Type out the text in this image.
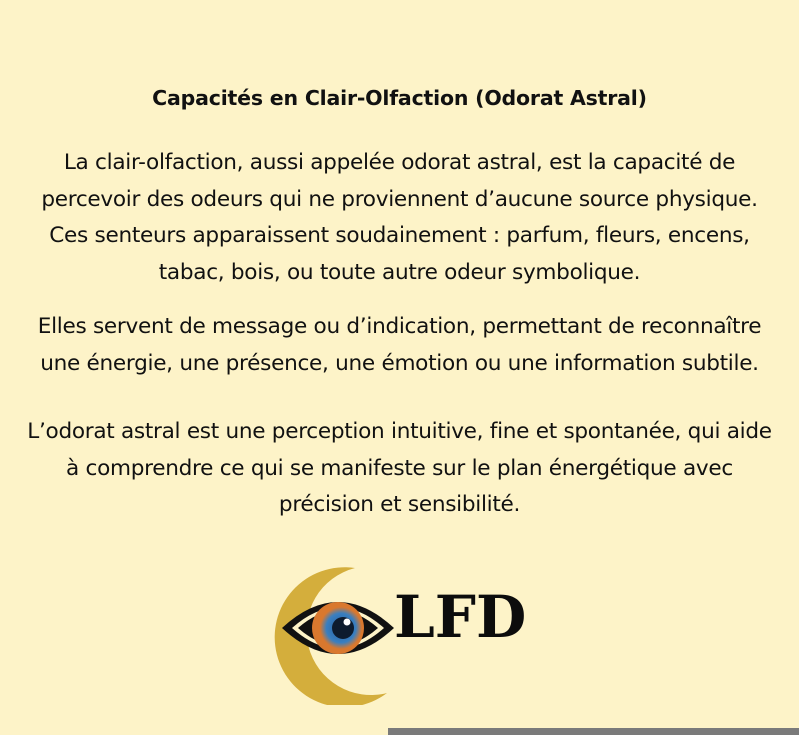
Capacités en Clair-Olfaction (Odorat Astral)
La clair-olfaction, aussi appelée odorat astral, est la capacité de
percevoir des odeurs qui ne proviennent d’aucune source physique.
Ces senteurs apparaissent soudainement : parfum, fleurs, encens,
tabac, bois, ou toute autre odeur symbolique.
Elles servent de message ou d’indication, permettant de reconnaître
une énergie, une présence, une émotion ou une information subtile.
L’odorat astral est une perception intuitive, fine et spontanée, qui aide
à comprendre ce qui se manifeste sur le plan énergétique avec
précision et sensibilité.
LFD
